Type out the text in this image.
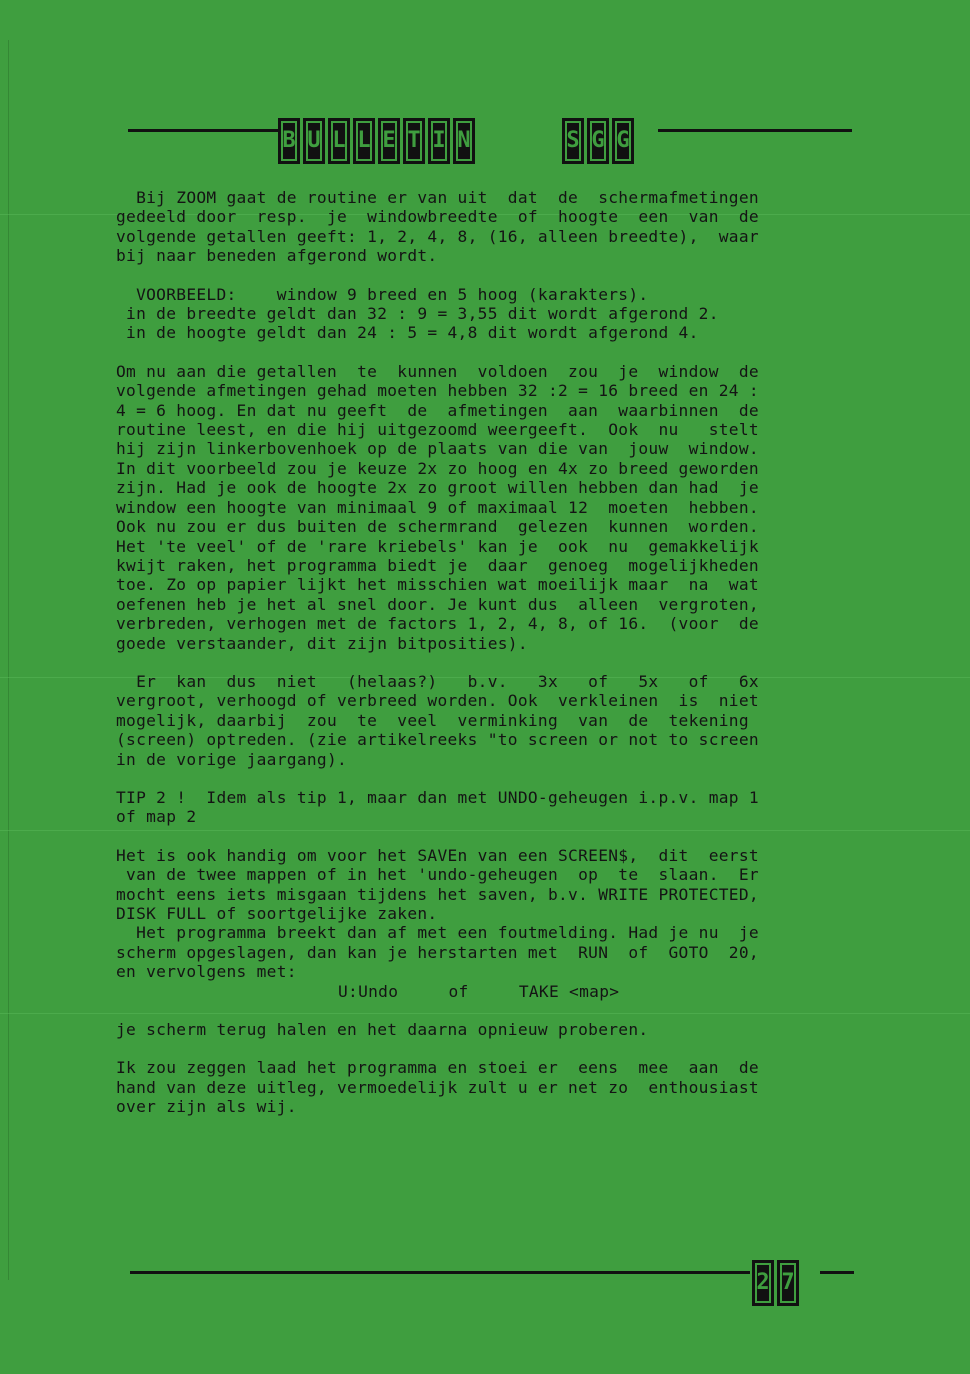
B U L L E T I N	S G G

Bij ZOOM gaat de routine er van uit  dat  de  schermafmetingen
gedeeld door  resp.  je  windowbreedte  of  hoogte  een  van  de
volgende getallen geeft: 1, 2, 4, 8, (16, alleen breedte),  waar
bij naar beneden afgerond wordt.

VOORBEELD:    window 9 breed en 5 hoog (karakters).
in de breedte geldt dan 32 : 9 = 3,55 dit wordt afgerond 2.
in de hoogte geldt dan 24 : 5 = 4,8 dit wordt afgerond 4.

Om nu aan die getallen  te  kunnen  voldoen  zou  je  window  de
volgende afmetingen gehad moeten hebben 32 :2 = 16 breed en 24 :
4 = 6 hoog. En dat nu geeft  de  afmetingen  aan  waarbinnen  de
routine leest, en die hij uitgezoomd weergeeft.  Ook  nu   stelt
hij zijn linkerbovenhoek op de plaats van die van  jouw  window.
In dit voorbeeld zou je keuze 2x zo hoog en 4x zo breed geworden
zijn. Had je ook de hoogte 2x zo groot willen hebben dan had  je
window een hoogte van minimaal 9 of maximaal 12  moeten  hebben.
Ook nu zou er dus buiten de schermrand  gelezen  kunnen  worden.
Het 'te veel' of de 'rare kriebels' kan je  ook  nu  gemakkelijk
kwijt raken, het programma biedt je  daar  genoeg  mogelijkheden
toe. Zo op papier lijkt het misschien wat moeilijk maar  na  wat
oefenen heb je het al snel door. Je kunt dus  alleen  vergroten,
verbreden, verhogen met de factors 1, 2, 4, 8, of 16.  (voor  de
goede verstaander, dit zijn bitposities).

Er  kan  dus  niet   (helaas?)   b.v.   3x   of   5x   of   6x
vergroot, verhoogd of verbreed worden. Ook  verkleinen  is  niet
mogelijk, daarbij  zou  te  veel  verminking  van  de  tekening
(screen) optreden. (zie artikelreeks "to screen or not to screen
in de vorige jaargang).

TIP 2 !  Idem als tip 1, maar dan met UNDO-geheugen i.p.v. map 1
of map 2

Het is ook handig om voor het SAVEn van een SCREEN$,  dit  eerst
van de twee mappen of in het 'undo-geheugen  op  te  slaan.  Er
mocht eens iets misgaan tijdens het saven, b.v. WRITE PROTECTED,
DISK FULL of soortgelijke zaken.
Het programma breekt dan af met een foutmelding. Had je nu  je
scherm opgeslagen, dan kan je herstarten met  RUN  of  GOTO  20,
en vervolgens met:

U:Undo     of     TAKE <map>

je scherm terug halen en het daarna opnieuw proberen.

Ik zou zeggen laad het programma en stoei er  eens  mee  aan  de
hand van deze uitleg, vermoedelijk zult u er net zo  enthousiast
over zijn als wij.

2 7
